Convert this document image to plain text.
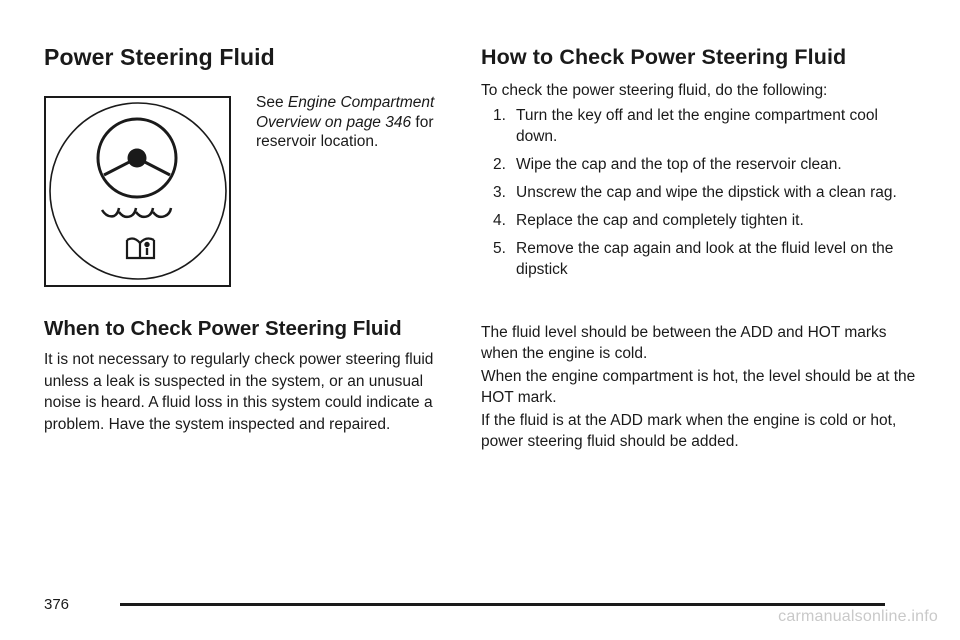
Power Steering Fluid

See Engine Compartment Overview on page 346 for reservoir location.

When to Check Power Steering Fluid

It is not necessary to regularly check power steering fluid unless a leak is suspected in the system, or an unusual noise is heard. A fluid loss in this system could indicate a problem. Have the system inspected and repaired.

How to Check Power Steering Fluid

To check the power steering fluid, do the following:

1. Turn the key off and let the engine compartment cool down.
2. Wipe the cap and the top of the reservoir clean.
3. Unscrew the cap and wipe the dipstick with a clean rag.
4. Replace the cap and completely tighten it.
5. Remove the cap again and look at the fluid level on the dipstick

The fluid level should be between the ADD and HOT marks when the engine is cold.

When the engine compartment is hot, the level should be at the HOT mark.

If the fluid is at the ADD mark when the engine is cold or hot, power steering fluid should be added.

376

carmanualsonline.info
